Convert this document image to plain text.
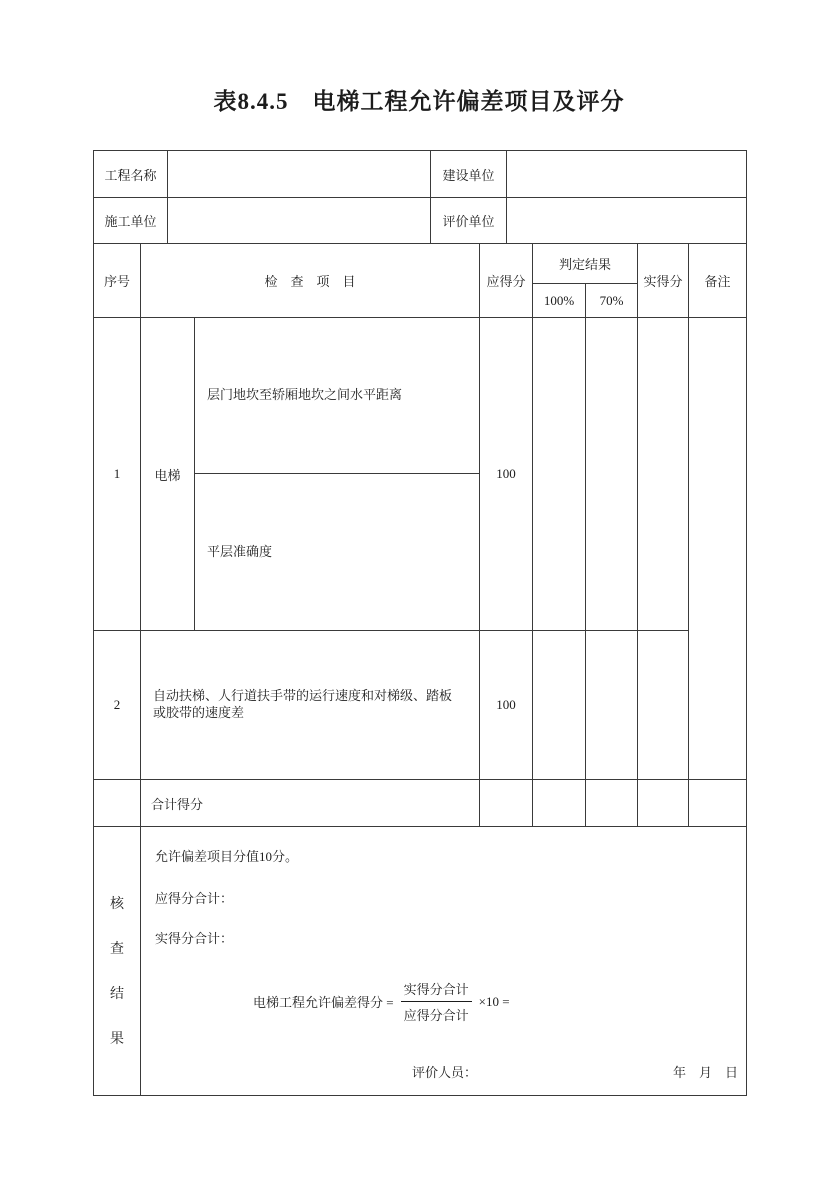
表8.4.5　电梯工程允许偏差项目及评分
工程名称		建设单位	
施工单位		评价单位	
序号	检　查　项　目		应得分	判定结果		实得分	备注
				100%	70%		
1	电梯	层门地坎至轿厢地坎之间水平距离	100				
		平层准确度					
2	自动扶梯、人行道扶手带的运行速度和对梯级、踏板或胶带的速度差		100				
	合计得分						

核
查
结
果

允许偏差项目分值10分。
应得分合计：
实得分合计：
电梯工程允许偏差得分 = $\frac{\text{实得分合计}}{\text{应得分合计}} \times 10$ =
评价人员：	年　月　日
